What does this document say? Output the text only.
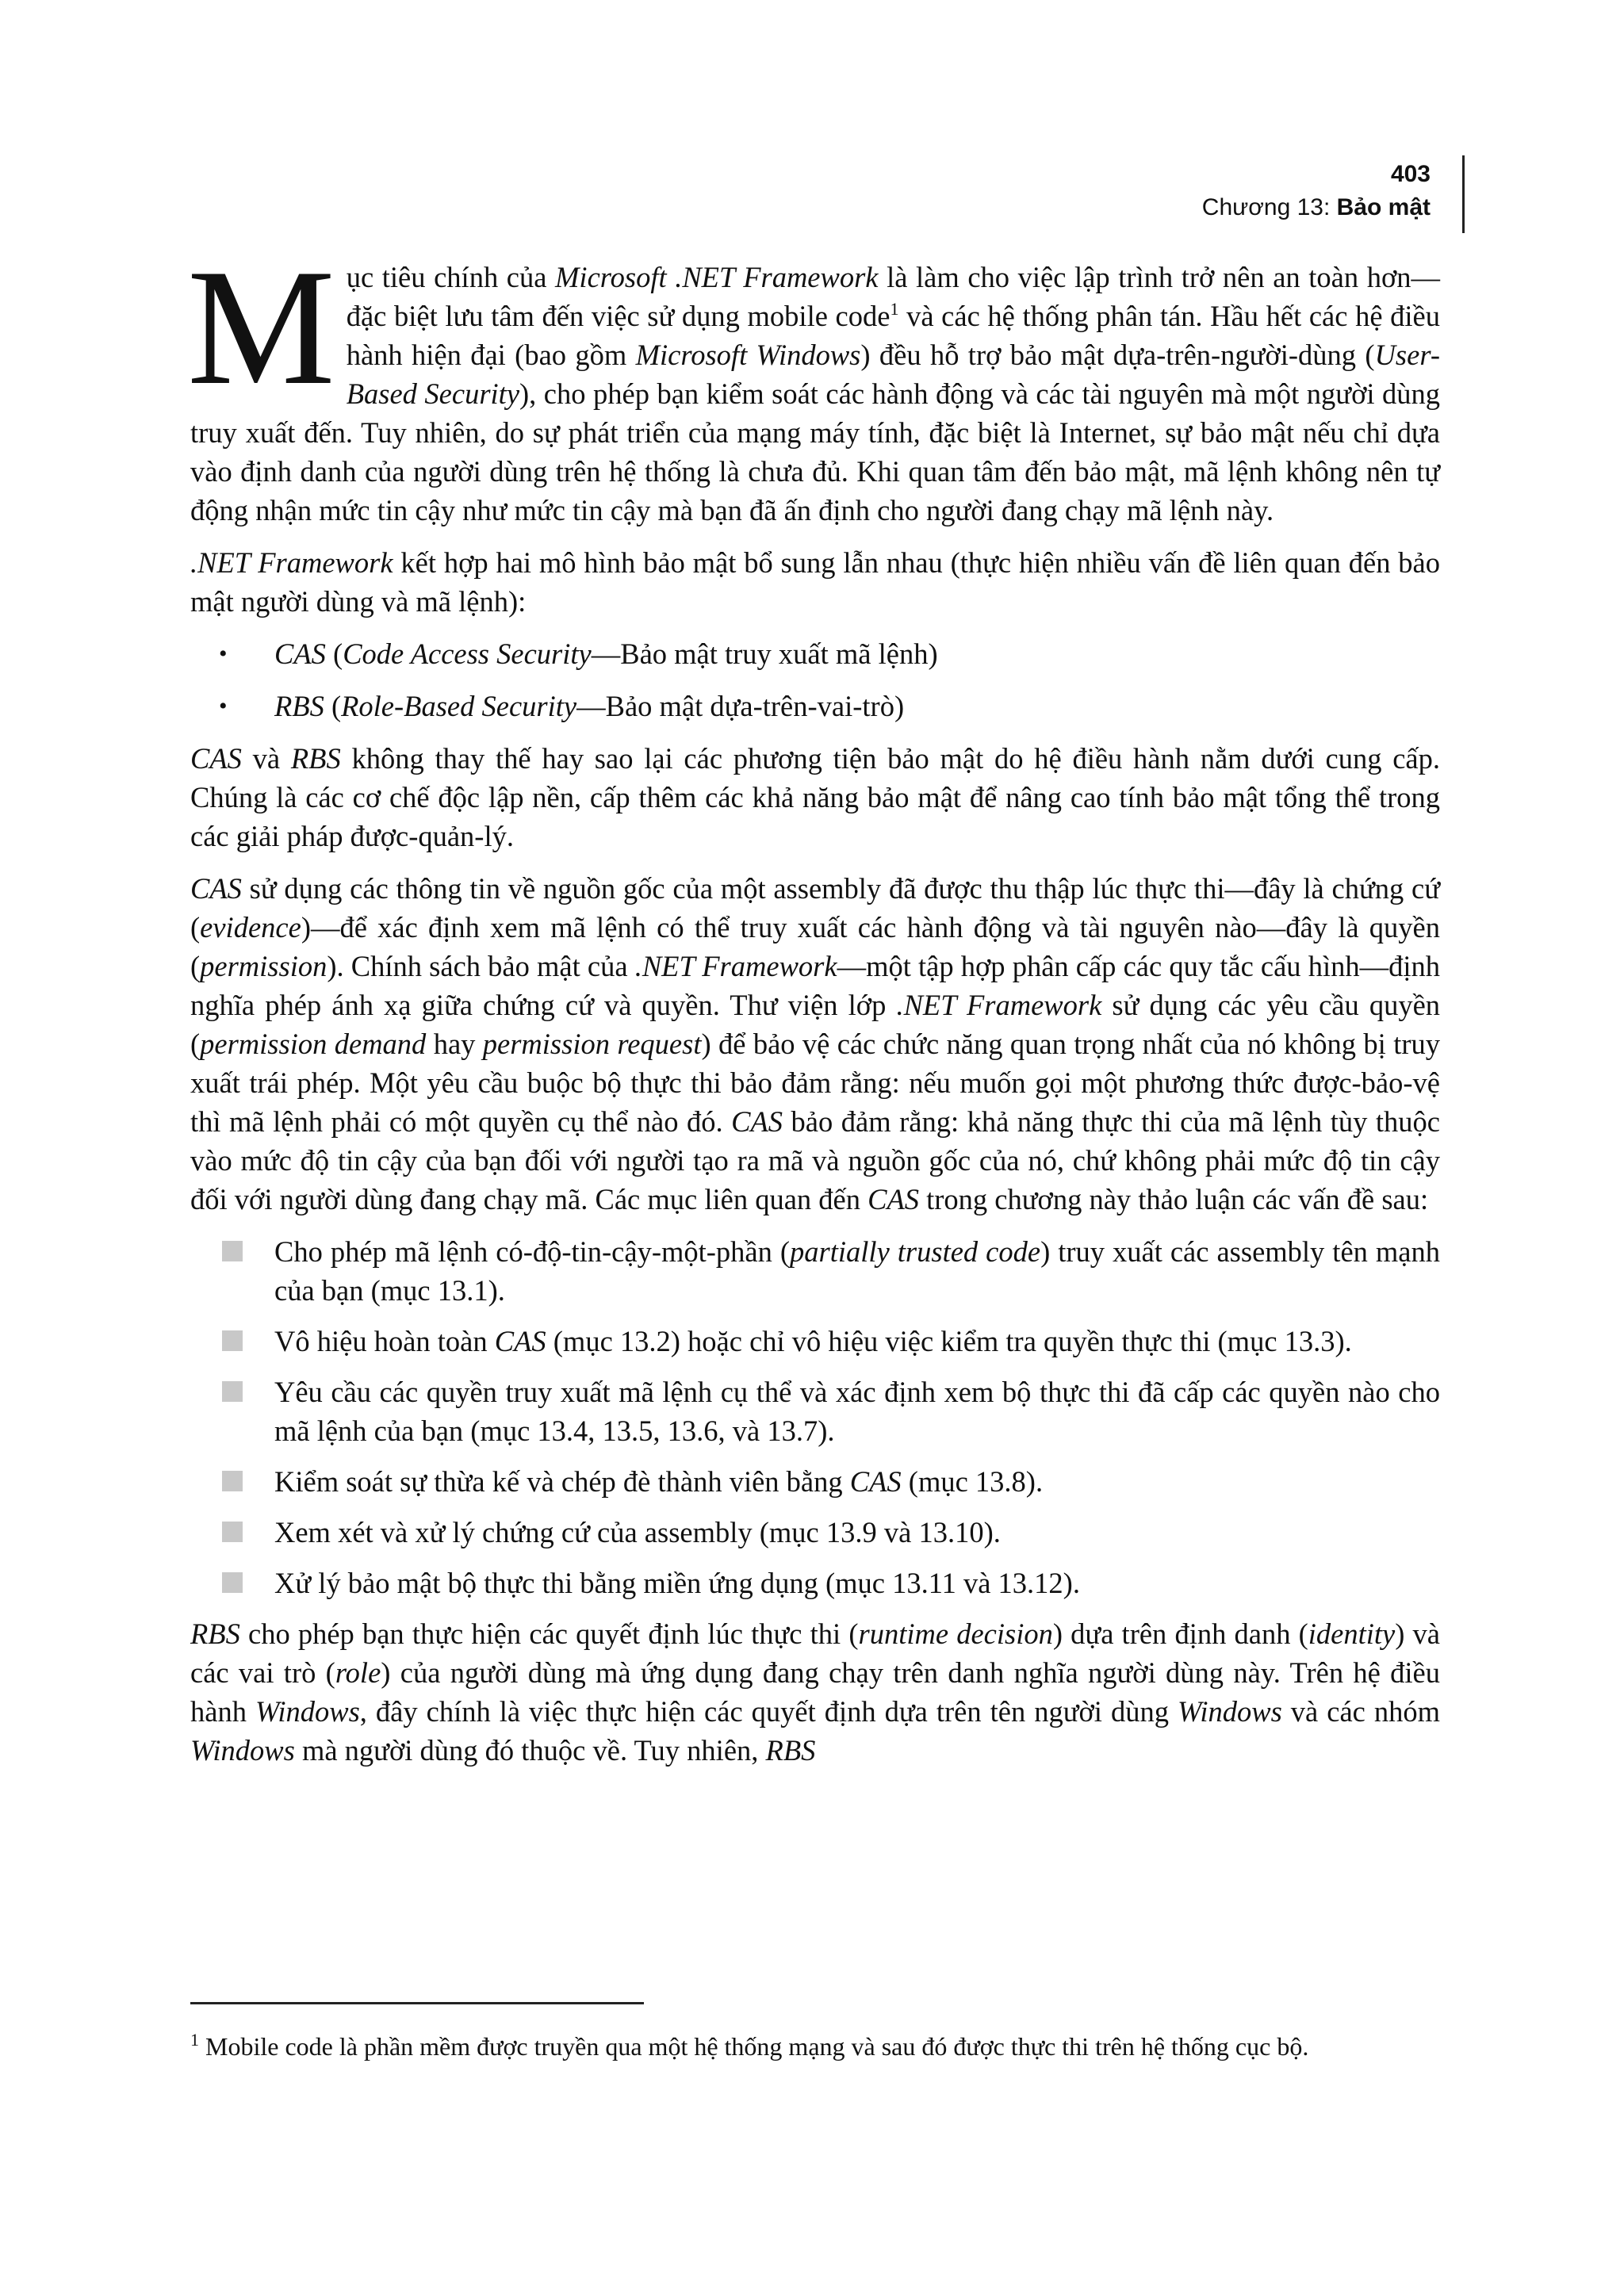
403
Chương 13: Bảo mật

Mục tiêu chính của Microsoft .NET Framework là làm cho việc lập trình trở nên an toàn hơn—đặc biệt lưu tâm đến việc sử dụng mobile code$^1$ và các hệ thống phân tán. Hầu hết các hệ điều hành hiện đại (bao gồm Microsoft Windows) đều hỗ trợ bảo mật dựa-trên-người-dùng (User-Based Security), cho phép bạn kiểm soát các hành động và các tài nguyên mà một người dùng truy xuất đến. Tuy nhiên, do sự phát triển của mạng máy tính, đặc biệt là Internet, sự bảo mật nếu chỉ dựa vào định danh của người dùng trên hệ thống là chưa đủ. Khi quan tâm đến bảo mật, mã lệnh không nên tự động nhận mức tin cậy như mức tin cậy mà bạn đã ấn định cho người đang chạy mã lệnh này.

.NET Framework kết hợp hai mô hình bảo mật bổ sung lẫn nhau (thực hiện nhiều vấn đề liên quan đến bảo mật người dùng và mã lệnh):

• CAS (Code Access Security—Bảo mật truy xuất mã lệnh)
• RBS (Role-Based Security—Bảo mật dựa-trên-vai-trò)

CAS và RBS không thay thế hay sao lại các phương tiện bảo mật do hệ điều hành nằm dưới cung cấp. Chúng là các cơ chế độc lập nền, cấp thêm các khả năng bảo mật để nâng cao tính bảo mật tổng thể trong các giải pháp được-quản-lý.

CAS sử dụng các thông tin về nguồn gốc của một assembly đã được thu thập lúc thực thi—đây là chứng cứ (evidence)—để xác định xem mã lệnh có thể truy xuất các hành động và tài nguyên nào—đây là quyền (permission). Chính sách bảo mật của .NET Framework—một tập hợp phân cấp các quy tắc cấu hình—định nghĩa phép ánh xạ giữa chứng cứ và quyền. Thư viện lớp .NET Framework sử dụng các yêu cầu quyền (permission demand hay permission request) để bảo vệ các chức năng quan trọng nhất của nó không bị truy xuất trái phép. Một yêu cầu buộc bộ thực thi bảo đảm rằng: nếu muốn gọi một phương thức được-bảo-vệ thì mã lệnh phải có một quyền cụ thể nào đó. CAS bảo đảm rằng: khả năng thực thi của mã lệnh tùy thuộc vào mức độ tin cậy của bạn đối với người tạo ra mã và nguồn gốc của nó, chứ không phải mức độ tin cậy đối với người dùng đang chạy mã. Các mục liên quan đến CAS trong chương này thảo luận các vấn đề sau:

Cho phép mã lệnh có-độ-tin-cậy-một-phần (partially trusted code) truy xuất các assembly tên mạnh của bạn (mục 13.1).
Vô hiệu hoàn toàn CAS (mục 13.2) hoặc chỉ vô hiệu việc kiểm tra quyền thực thi (mục 13.3).
Yêu cầu các quyền truy xuất mã lệnh cụ thể và xác định xem bộ thực thi đã cấp các quyền nào cho mã lệnh của bạn (mục 13.4, 13.5, 13.6, và 13.7).
Kiểm soát sự thừa kế và chép đè thành viên bằng CAS (mục 13.8).
Xem xét và xử lý chứng cứ của assembly (mục 13.9 và 13.10).
Xử lý bảo mật bộ thực thi bằng miền ứng dụng (mục 13.11 và 13.12).

RBS cho phép bạn thực hiện các quyết định lúc thực thi (runtime decision) dựa trên định danh (identity) và các vai trò (role) của người dùng mà ứng dụng đang chạy trên danh nghĩa người dùng này. Trên hệ điều hành Windows, đây chính là việc thực hiện các quyết định dựa trên tên người dùng Windows và các nhóm Windows mà người dùng đó thuộc về. Tuy nhiên, RBS

$^1$ Mobile code là phần mềm được truyền qua một hệ thống mạng và sau đó được thực thi trên hệ thống cục bộ.
